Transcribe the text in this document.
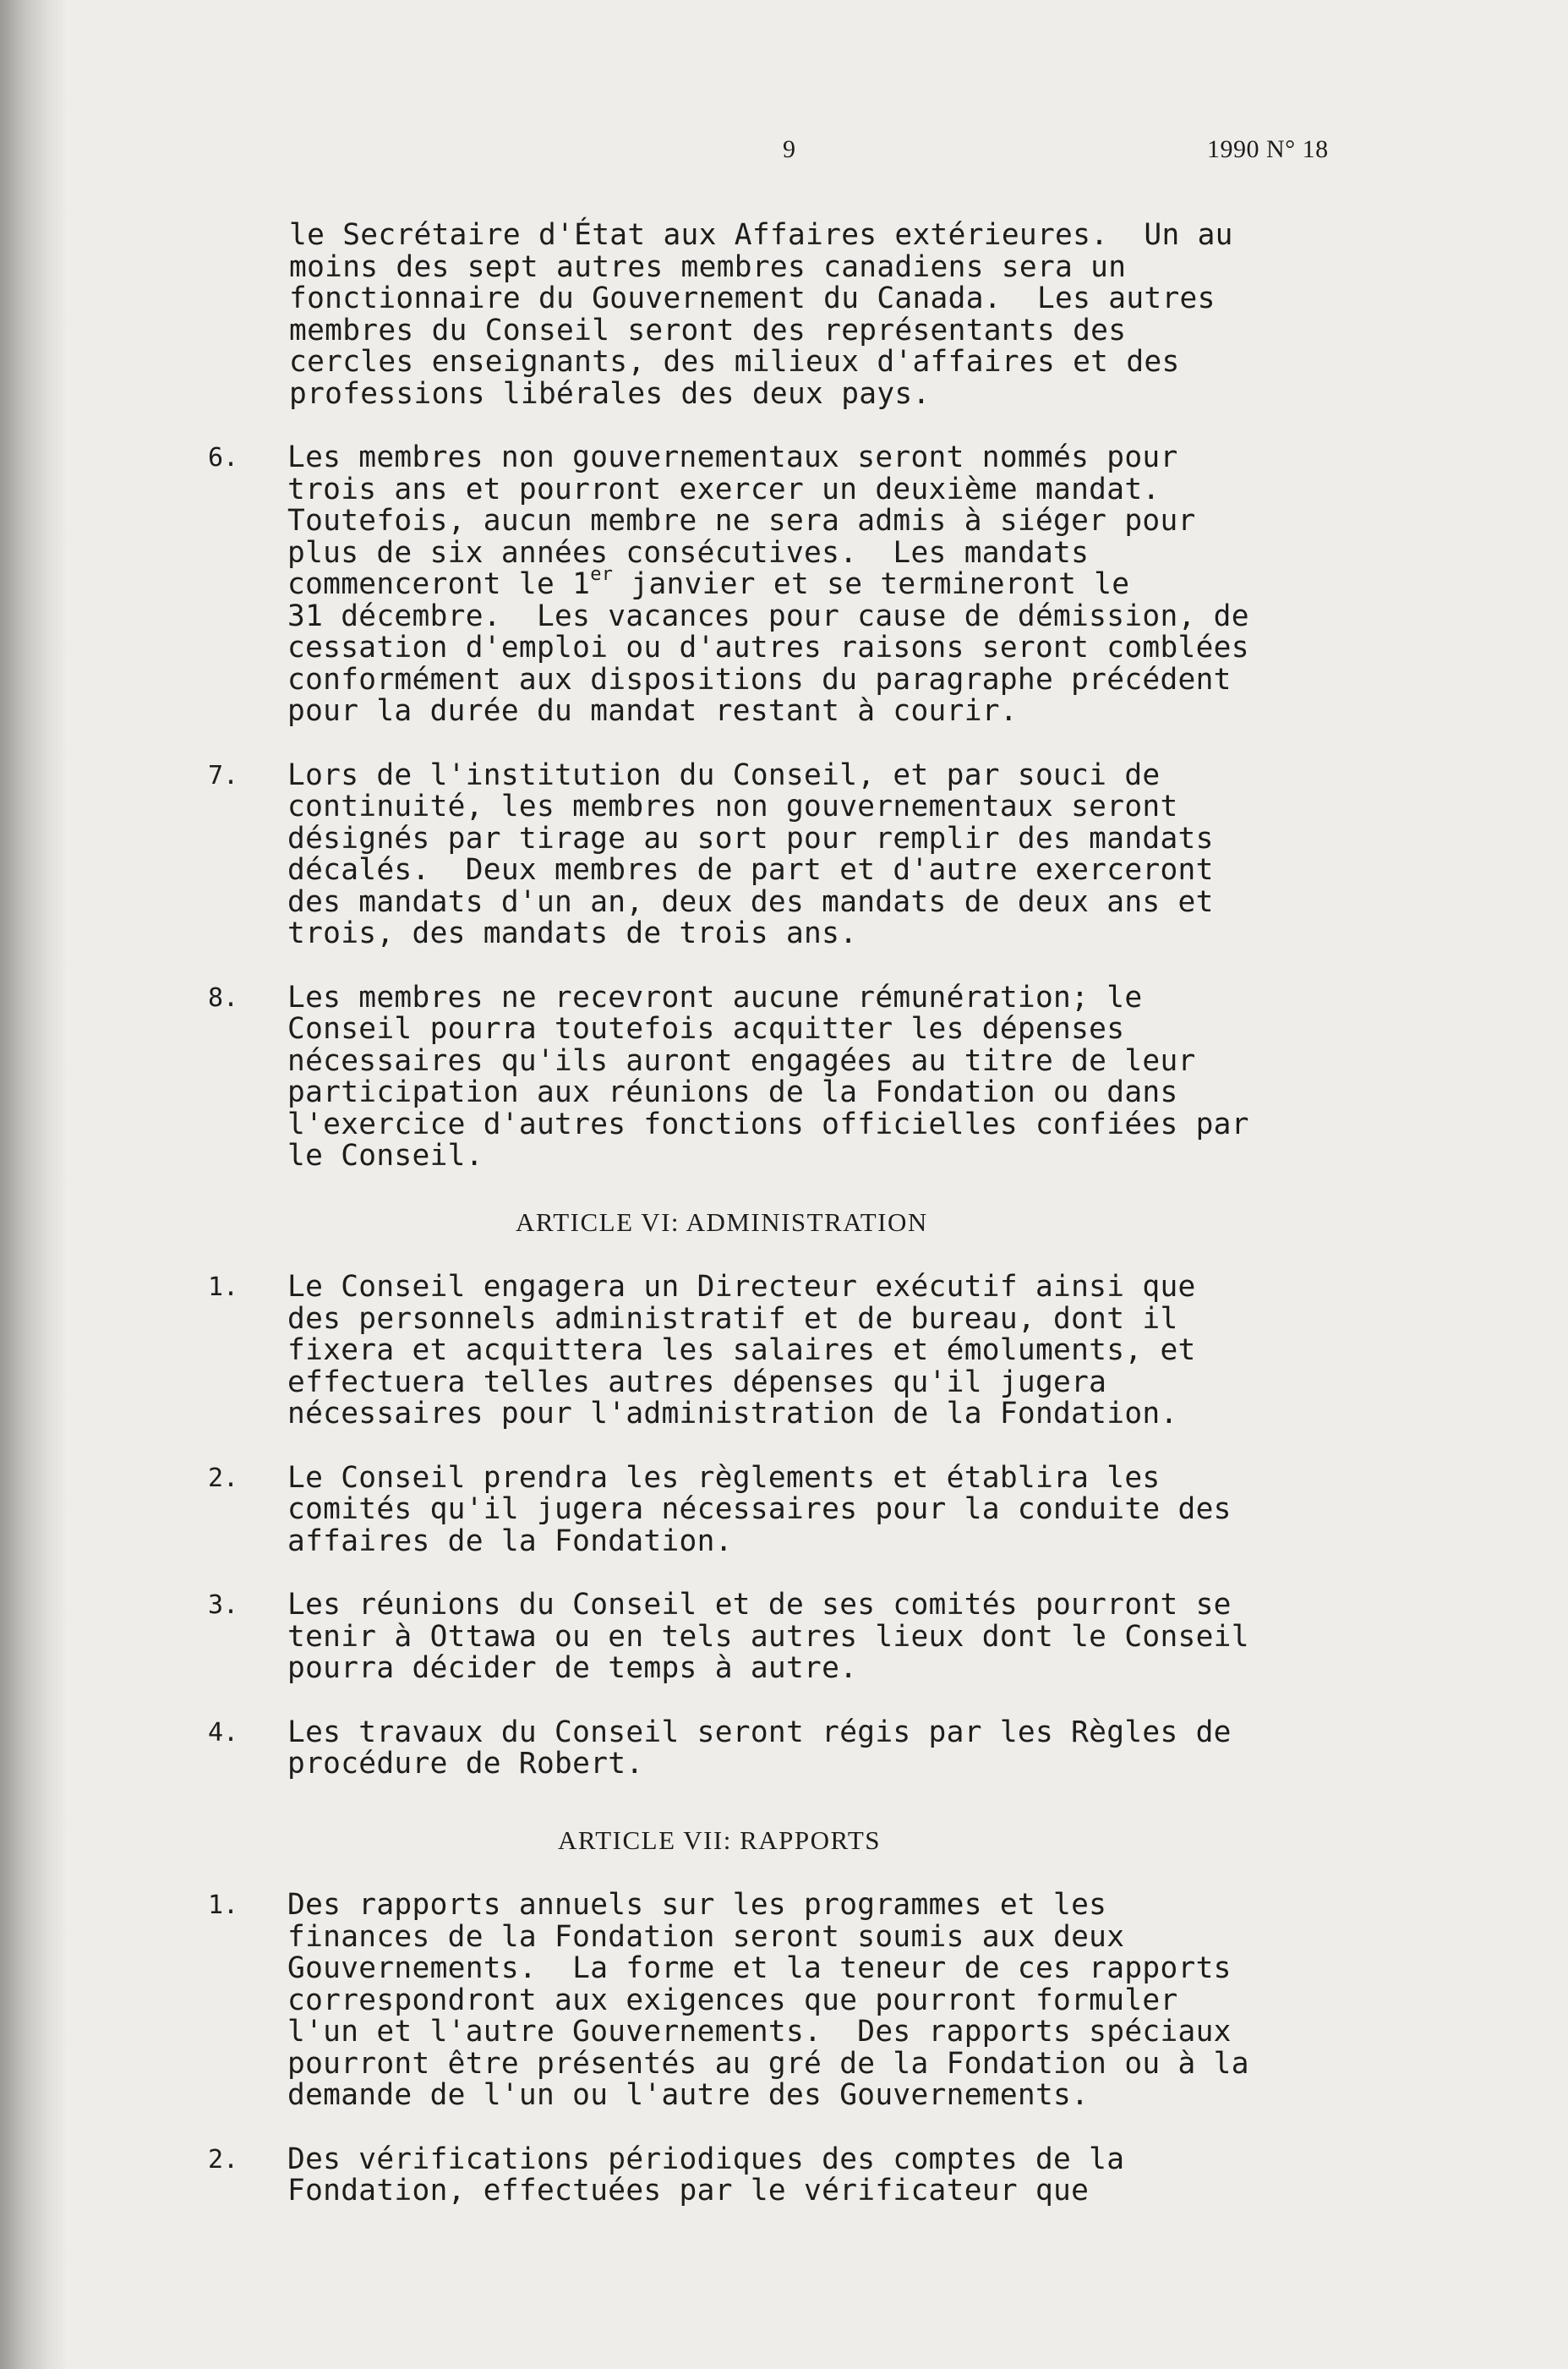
9	1990 N° 18
le Secrétaire d'État aux Affaires extérieures.  Un au
moins des sept autres membres canadiens sera un
fonctionnaire du Gouvernement du Canada.  Les autres
membres du Conseil seront des représentants des
cercles enseignants, des milieux d'affaires et des
professions libérales des deux pays.
6. Les membres non gouvernementaux seront nommés pour
trois ans et pourront exercer un deuxième mandat.
Toutefois, aucun membre ne sera admis à siéger pour
plus de six années consécutives.  Les mandats
commenceront le 1er janvier et se termineront le
31 décembre.  Les vacances pour cause de démission, de
cessation d'emploi ou d'autres raisons seront comblées
conformément aux dispositions du paragraphe précédent
pour la durée du mandat restant à courir.
7. Lors de l'institution du Conseil, et par souci de
continuité, les membres non gouvernementaux seront
désignés par tirage au sort pour remplir des mandats
décalés.  Deux membres de part et d'autre exerceront
des mandats d'un an, deux des mandats de deux ans et
trois, des mandats de trois ans.
8. Les membres ne recevront aucune rémunération; le
Conseil pourra toutefois acquitter les dépenses
nécessaires qu'ils auront engagées au titre de leur
participation aux réunions de la Fondation ou dans
l'exercice d'autres fonctions officielles confiées par
le Conseil.
ARTICLE VI: ADMINISTRATION
1. Le Conseil engagera un Directeur exécutif ainsi que
des personnels administratif et de bureau, dont il
fixera et acquittera les salaires et émoluments, et
effectuera telles autres dépenses qu'il jugera
nécessaires pour l'administration de la Fondation.
2. Le Conseil prendra les règlements et établira les
comités qu'il jugera nécessaires pour la conduite des
affaires de la Fondation.
3. Les réunions du Conseil et de ses comités pourront se
tenir à Ottawa ou en tels autres lieux dont le Conseil
pourra décider de temps à autre.
4. Les travaux du Conseil seront régis par les Règles de
procédure de Robert.
ARTICLE VII: RAPPORTS
1. Des rapports annuels sur les programmes et les
finances de la Fondation seront soumis aux deux
Gouvernements.  La forme et la teneur de ces rapports
correspondront aux exigences que pourront formuler
l'un et l'autre Gouvernements.  Des rapports spéciaux
pourront être présentés au gré de la Fondation ou à la
demande de l'un ou l'autre des Gouvernements.
2. Des vérifications périodiques des comptes de la
Fondation, effectuées par le vérificateur que
